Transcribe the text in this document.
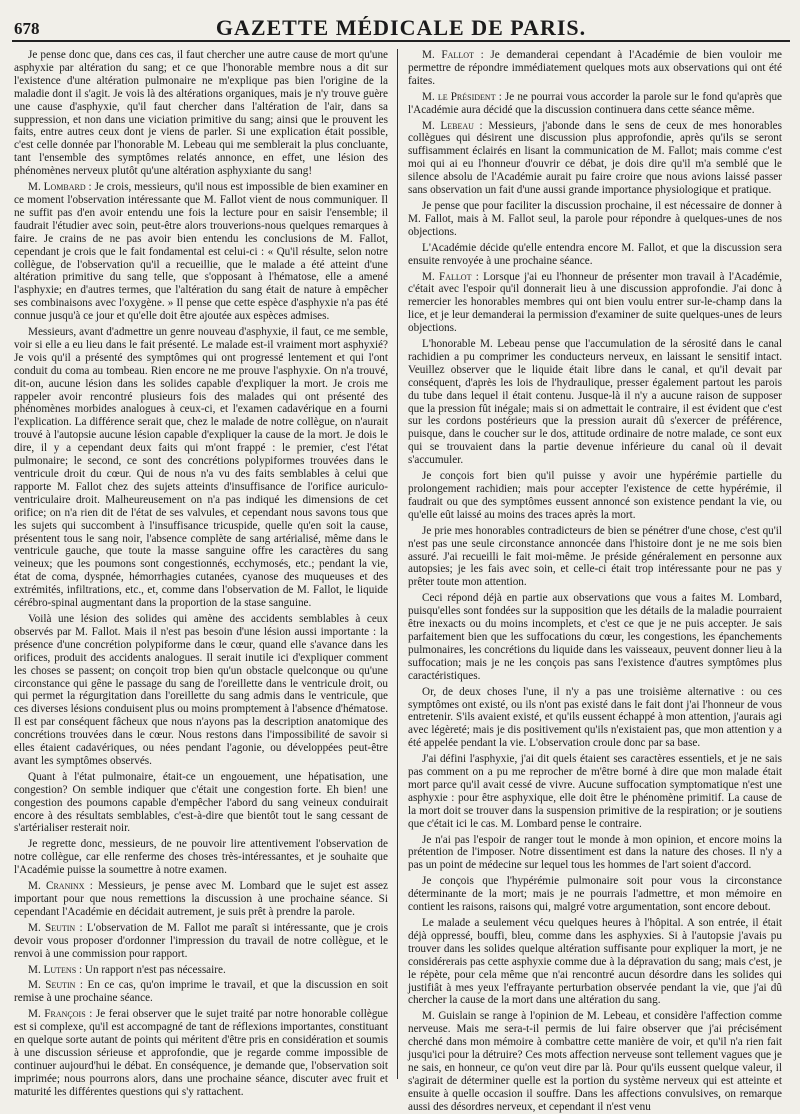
678	GAZETTE MÉDICALE DE PARIS.

Je pense donc que, dans ces cas, il faut chercher une autre cause de mort qu'une asphyxie par altération du sang; et ce que l'honorable membre nous a dit sur l'existence d'une altération pulmonaire ne m'explique pas bien l'origine de la maladie dont il s'agit. Je vois là des altérations organiques, mais je n'y trouve guère une cause d'asphyxie, qu'il faut chercher dans l'altération de l'air, dans sa suppression, et non dans une viciation primitive du sang; ainsi que le prouvent les faits, entre autres ceux dont je viens de parler. Si une explication était possible, c'est celle donnée par l'honorable M. Lebeau qui me semblerait la plus concluante, tant l'ensemble des symptômes relatés annonce, en effet, une lésion des phénomènes nerveux plutôt qu'une altération asphyxiante du sang!

M. Lombard : Je crois, messieurs, qu'il nous est impossible de bien examiner en ce moment l'observation intéressante que M. Fallot vient de nous communiquer. Il ne suffit pas d'en avoir entendu une fois la lecture pour en saisir l'ensemble; il faudrait l'étudier avec soin, peut-être alors trouverions-nous quelques remarques à faire. Je crains de ne pas avoir bien entendu les conclusions de M. Fallot, cependant je crois que le fait fondamental est celui-ci : « Qu'il résulte, selon notre collègue, de l'observation qu'il a recueillie, que le malade a été atteint d'une altération primitive du sang telle, que s'opposant à l'hématose, elle a amené l'asphyxie; en d'autres termes, que l'altération du sang était de nature à empêcher ses combinaisons avec l'oxygène. » Il pense que cette espèce d'asphyxie n'a pas été connue jusqu'à ce jour et qu'elle doit être ajoutée aux espèces admises.

Messieurs, avant d'admettre un genre nouveau d'asphyxie, il faut, ce me semble, voir si elle a eu lieu dans le fait présenté. Le malade est-il vraiment mort asphyxié? Je vois qu'il a présenté des symptômes qui ont progressé lentement et qui l'ont conduit du coma au tombeau. Rien encore ne me prouve l'asphyxie. On n'a trouvé, dit-on, aucune lésion dans les solides capable d'expliquer la mort. Je crois me rappeler avoir rencontré plusieurs fois des malades qui ont présenté des phénomènes morbides analogues à ceux-ci, et l'examen cadavérique en a fourni l'explication. La différence serait que, chez le malade de notre collègue, on n'aurait trouvé à l'autopsie aucune lésion capable d'expliquer la cause de la mort. Je dois le dire, il y a cependant deux faits qui m'ont frappé : le premier, c'est l'état pulmonaire; le second, ce sont des concrétions polypiformes trouvées dans le ventricule droit du cœur. Qui de nous n'a vu des faits semblables à celui que rapporte M. Fallot chez des sujets atteints d'insuffisance de l'orifice auriculo-ventriculaire droit. Malheureusement on n'a pas indiqué les dimensions de cet orifice; on n'a rien dit de l'état de ses valvules, et cependant nous savons tous que les sujets qui succombent à l'insuffisance tricuspide, quelle qu'en soit la cause, présentent tous le sang noir, l'absence complète de sang artérialisé, même dans le ventricule gauche, que toute la masse sanguine offre les caractères du sang veineux; que les poumons sont congestionnés, ecchymosés, etc.; pendant la vie, état de coma, dyspnée, hémorrhagies cutanées, cyanose des muqueuses et des extrémités, infiltrations, etc., et, comme dans l'observation de M. Fallot, le liquide cérébro-spinal augmentant dans la proportion de la stase sanguine.

Voilà une lésion des solides qui amène des accidents semblables à ceux observés par M. Fallot. Mais il n'est pas besoin d'une lésion aussi importante : la présence d'une concrétion polypiforme dans le cœur, quand elle s'avance dans les orifices, produit des accidents analogues. Il serait inutile ici d'expliquer comment les choses se passent; on conçoit trop bien qu'un obstacle quelconque ou qu'une circonstance qui gêne le passage du sang de l'oreillette dans le ventricule droit, ou qui permet la régurgitation dans l'oreillette du sang admis dans le ventricule, que ces diverses lésions conduisent plus ou moins promptement à l'absence d'hématose. Il est par conséquent fâcheux que nous n'ayons pas la description anatomique des concrétions trouvées dans le cœur. Nous restons dans l'impossibilité de savoir si elles étaient cadavériques, ou nées pendant l'agonie, ou développées peut-être avant les symptômes observés.

Quant à l'état pulmonaire, était-ce un engouement, une hépatisation, une congestion? On semble indiquer que c'était une congestion forte. Eh bien! une congestion des poumons capable d'empêcher l'abord du sang veineux conduirait encore à des résultats semblables, c'est-à-dire que bientôt tout le sang cessant de s'artérialiser resterait noir.

Je regrette donc, messieurs, de ne pouvoir lire attentivement l'observation de notre collègue, car elle renferme des choses très-intéressantes, et je souhaite que l'Académie puisse la soumettre à notre examen.

M. Craninx : Messieurs, je pense avec M. Lombard que le sujet est assez important pour que nous remettions la discussion à une prochaine séance. Si cependant l'Académie en décidait autrement, je suis prêt à prendre la parole.

M. Seutin : L'observation de M. Fallot me paraît si intéressante, que je crois devoir vous proposer d'ordonner l'impression du travail de notre collègue, et le renvoi à une commission pour rapport.

M. Lutens : Un rapport n'est pas nécessaire.

M. Seutin : En ce cas, qu'on imprime le travail, et que la discussion en soit remise à une prochaine séance.

M. François : Je ferai observer que le sujet traité par notre honorable collègue est si complexe, qu'il est accompagné de tant de réflexions importantes, constituant en quelque sorte autant de points qui méritent d'être pris en considération et soumis à une discussion sérieuse et approfondie, que je regarde comme impossible de continuer aujourd'hui le débat. En conséquence, je demande que, l'observation soit imprimée; nous pourrons alors, dans une prochaine séance, discuter avec fruit et maturité les différentes questions qui s'y rattachent.

M. Fallot : Je demanderai cependant à l'Académie de bien vouloir me permettre de répondre immédiatement quelques mots aux observations qui ont été faites.

M. le Président : Je ne pourrai vous accorder la parole sur le fond qu'après que l'Académie aura décidé que la discussion continuera dans cette séance même.

M. Lebeau : Messieurs, j'abonde dans le sens de ceux de mes honorables collègues qui désirent une discussion plus approfondie, après qu'ils se seront suffisamment éclairés en lisant la communication de M. Fallot; mais comme c'est moi qui ai eu l'honneur d'ouvrir ce débat, je dois dire qu'il m'a semblé que le silence absolu de l'Académie aurait pu faire croire que nous avions laissé passer sans observation un fait d'une aussi grande importance physiologique et pratique.

Je pense que pour faciliter la discussion prochaine, il est nécessaire de donner à M. Fallot, mais à M. Fallot seul, la parole pour répondre à quelques-unes de nos objections.

L'Académie décide qu'elle entendra encore M. Fallot, et que la discussion sera ensuite renvoyée à une prochaine séance.

M. Fallot : Lorsque j'ai eu l'honneur de présenter mon travail à l'Académie, c'était avec l'espoir qu'il donnerait lieu à une discussion approfondie. J'ai donc à remercier les honorables membres qui ont bien voulu entrer sur-le-champ dans la lice, et je leur demanderai la permission d'examiner de suite quelques-unes de leurs objections.

L'honorable M. Lebeau pense que l'accumulation de la sérosité dans le canal rachidien a pu comprimer les conducteurs nerveux, en laissant le sensitif intact. Veuillez observer que le liquide était libre dans le canal, et qu'il devait par conséquent, d'après les lois de l'hydraulique, presser également partout les parois du tube dans lequel il était contenu. Jusque-là il n'y a aucune raison de supposer que la pression fût inégale; mais si on admettait le contraire, il est évident que c'est sur les cordons postérieurs que la pression aurait dû s'exercer de préférence, puisque, dans le coucher sur le dos, attitude ordinaire de notre malade, ce sont eux qui se trouvaient dans la partie devenue inférieure du canal où il devait s'accumuler.

Je conçois fort bien qu'il puisse y avoir une hypérémie partielle du prolongement rachidien; mais pour accepter l'existence de cette hypérémie, il faudrait ou que des symptômes eussent annoncé son existence pendant la vie, ou qu'elle eût laissé au moins des traces après la mort.

Je prie mes honorables contradicteurs de bien se pénétrer d'une chose, c'est qu'il n'est pas une seule circonstance annoncée dans l'histoire dont je ne me sois bien assuré. J'ai recueilli le fait moi-même. Je préside généralement en personne aux autopsies; je les fais avec soin, et celle-ci était trop intéressante pour ne pas y prêter toute mon attention.

Ceci répond déjà en partie aux observations que vous a faites M. Lombard, puisqu'elles sont fondées sur la supposition que les détails de la maladie pourraient être inexacts ou du moins incomplets, et c'est ce que je ne puis accepter. Je sais parfaitement bien que les suffocations du cœur, les congestions, les épanchements pulmonaires, les concrétions du liquide dans les vaisseaux, peuvent donner lieu à la suffocation; mais je ne les conçois pas sans l'existence d'autres symptômes plus caractéristiques.

Or, de deux choses l'une, il n'y a pas une troisième alternative : ou ces symptômes ont existé, ou ils n'ont pas existé dans le fait dont j'ai l'honneur de vous entretenir. S'ils avaient existé, et qu'ils eussent échappé à mon attention, j'aurais agi avec légèreté; mais je dis positivement qu'ils n'existaient pas, que mon attention y a été appelée pendant la vie. L'observation croule donc par sa base.

J'ai défini l'asphyxie, j'ai dit quels étaient ses caractères essentiels, et je ne sais pas comment on a pu me reprocher de m'être borné à dire que mon malade était mort parce qu'il avait cessé de vivre. Aucune suffocation symptomatique n'est une asphyxie : pour être asphyxique, elle doit être le phénomène primitif. La cause de la mort doit se trouver dans la suspension primitive de la respiration; or je soutiens que c'était ici le cas. M. Lombard pense le contraire.

Je n'ai pas l'espoir de ranger tout le monde à mon opinion, et encore moins la prétention de l'imposer. Notre dissentiment est dans la nature des choses. Il n'y a pas un point de médecine sur lequel tous les hommes de l'art soient d'accord.

Je conçois que l'hypérémie pulmonaire soit pour vous la circonstance déterminante de la mort; mais je ne pourrais l'admettre, et mon mémoire en contient les raisons, raisons qui, malgré votre argumentation, sont encore debout.

Le malade a seulement vécu quelques heures à l'hôpital. A son entrée, il était déjà oppressé, bouffi, bleu, comme dans les asphyxies. Si à l'autopsie j'avais pu trouver dans les solides quelque altération suffisante pour expliquer la mort, je ne considérerais pas cette asphyxie comme due à la dépravation du sang; mais c'est, je le répète, pour cela même que n'ai rencontré aucun désordre dans les solides qui justifiât à mes yeux l'effrayante perturbation observée pendant la vie, que j'ai dû chercher la cause de la mort dans une altération du sang.

M. Guislain se range à l'opinion de M. Lebeau, et considère l'affection comme nerveuse. Mais me sera-t-il permis de lui faire observer que j'ai précisément cherché dans mon mémoire à combattre cette manière de voir, et qu'il n'a rien fait jusqu'ici pour la détruire? Ces mots affection nerveuse sont tellement vagues que je ne sais, en honneur, ce qu'on veut dire par là. Pour qu'ils eussent quelque valeur, il s'agirait de déterminer quelle est la portion du système nerveux qui est atteinte et ensuite à quelle occasion il souffre. Dans les affections convulsives, on remarque aussi des désordres nerveux, et cependant il n'est venu
